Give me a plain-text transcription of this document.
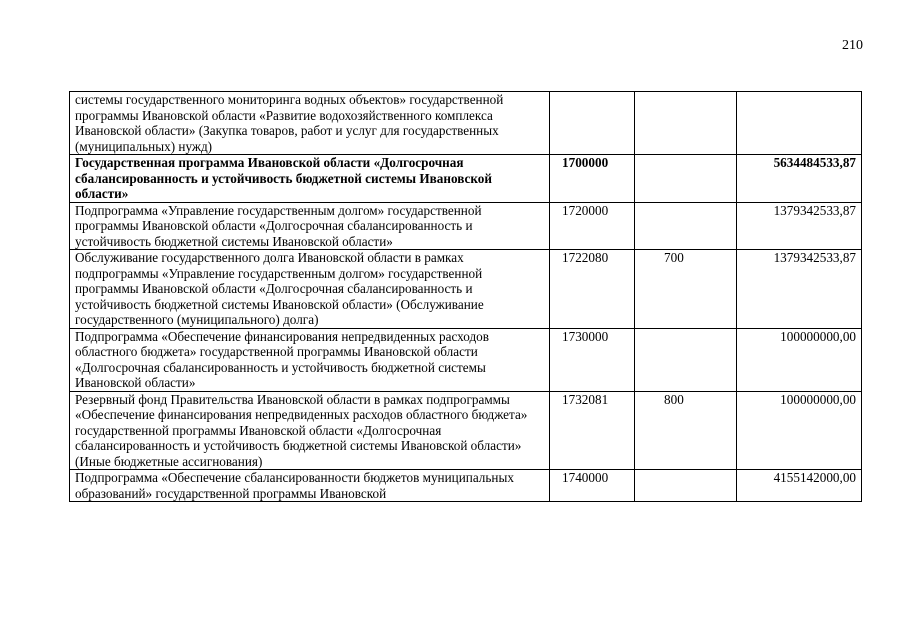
210
системы государственного мониторинга водных объектов» государственной программы Ивановской области «Развитие водохозяйственного комплекса Ивановской области» (Закупка товаров, работ и услуг для государственных (муниципальных) нужд)			
Государственная программа Ивановской области «Долгосрочная сбалансированность и устойчивость бюджетной системы Ивановской области»	1700000		5634484533,87
Подпрограмма «Управление государственным долгом» государственной программы Ивановской области «Долгосрочная сбалансированность и устойчивость бюджетной системы Ивановской области»	1720000		1379342533,87
Обслуживание государственного долга Ивановской области в рамках подпрограммы «Управление государственным долгом» государственной программы Ивановской области «Долгосрочная сбалансированность и устойчивость бюджетной системы Ивановской области» (Обслуживание государственного (муниципального) долга)	1722080	700	1379342533,87
Подпрограмма «Обеспечение финансирования непредвиденных расходов областного бюджета» государственной программы Ивановской области «Долгосрочная сбалансированность и устойчивость бюджетной системы Ивановской области»	1730000		100000000,00
Резервный фонд Правительства Ивановской области в рамках подпрограммы «Обеспечение финансирования непредвиденных расходов областного бюджета» государственной программы Ивановской области «Долгосрочная сбалансированность и устойчивость бюджетной системы Ивановской области» (Иные бюджетные ассигнования)	1732081	800	100000000,00
Подпрограмма «Обеспечение сбалансированности бюджетов муниципальных образований» государственной программы Ивановской	1740000		4155142000,00
